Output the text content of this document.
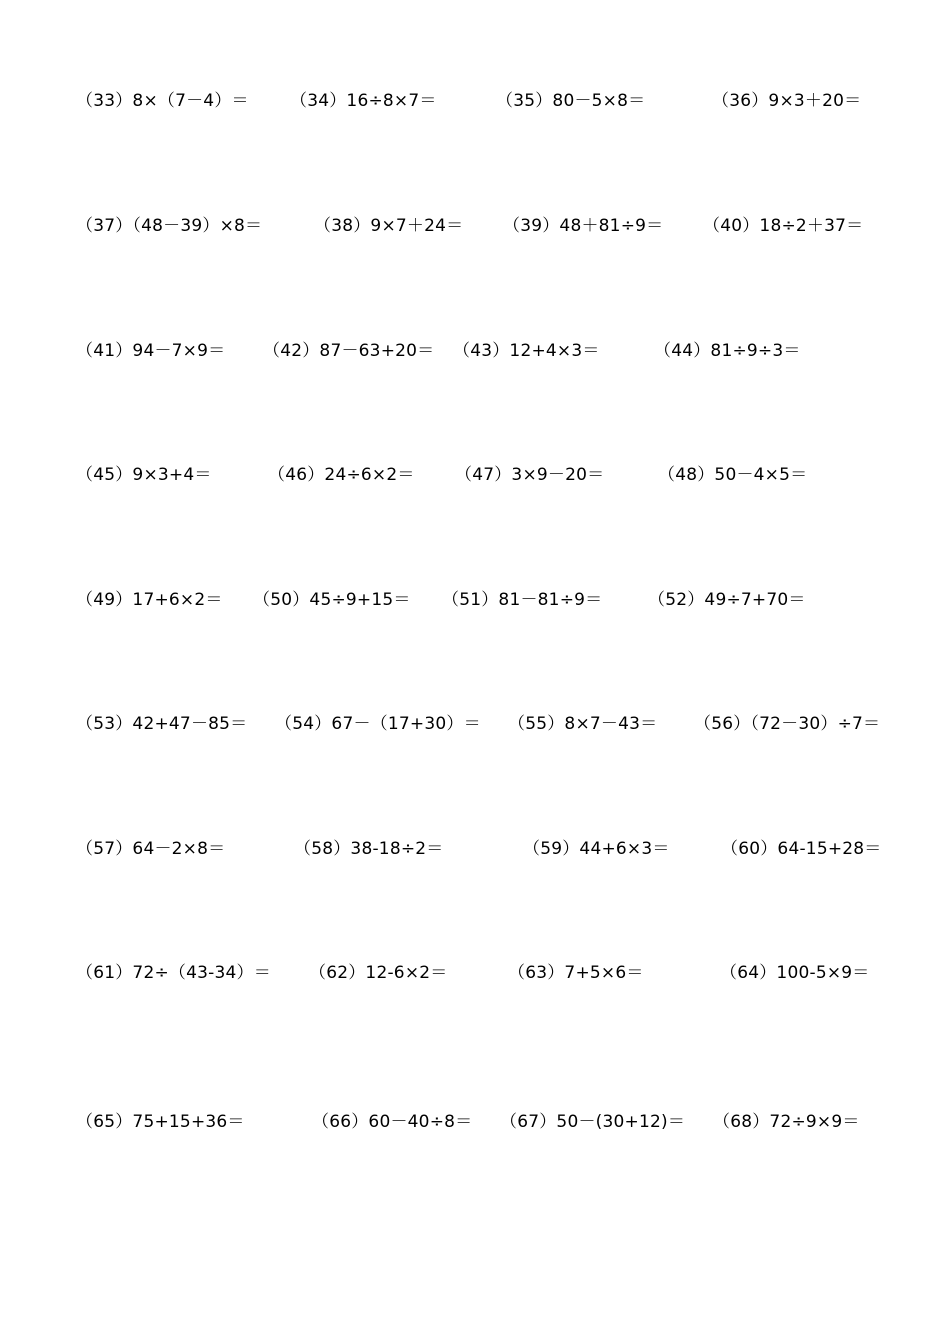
（33）8×（7－4）＝ （34）16÷8×7＝	（35）80－5×8＝	（36）9×3＋20＝
（37）（48－39）×8＝	（38）9×7＋24＝ （39）48＋81÷9＝ （40）18÷2＋37＝
（41）94－7×9＝ （42）87－63+20＝ （43）12+4×3＝	（44）81÷9÷3＝
（45）9×3+4＝	（46）24÷6×2＝ （47）3×9－20＝	（48）50－4×5＝
（49）17+6×2＝ （50）45÷9+15＝ （51）81－81÷9＝	（52）49÷7+70＝
（53）42+47－85＝ （54）67－（17+30）＝ （55）8×7－43＝ （56）（72－30）÷7＝
（57）64－2×8＝	（58）38-18÷2＝	（59）44+6×3＝	（60）64-15+28＝
（61）72÷（43-34）＝ （62）12-6×2＝	（63）7+5×6＝	（64）100-5×9＝
（65）75+15+36＝	（66）60－40÷8＝ （67）50－(30+12)＝ （68）72÷9×9＝
